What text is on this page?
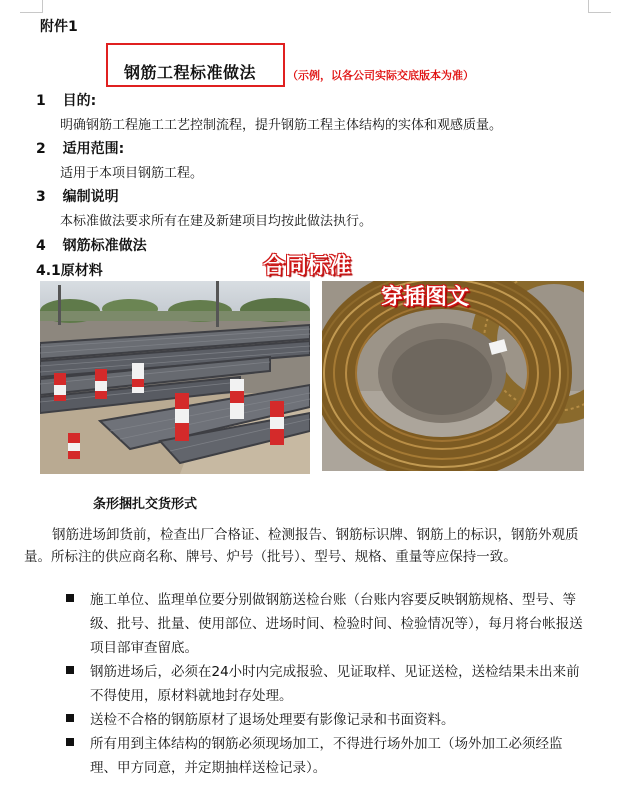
附件1
钢筋工程标准做法	（示例，以各公司实际交底版本为准）
1 目的:
明确钢筋工程施工工艺控制流程，提升钢筋工程主体结构的实体和观感质量。
2 适用范围:
适用于本项目钢筋工程。
3 编制说明
本标准做法要求所有在建及新建项目均按此做法执行。
4 钢筋标准做法
4.1原材料	合同标准
穿插图文
条形捆扎交货形式
钢筋进场卸货前，检查出厂合格证、检测报告、钢筋标识牌、钢筋上的标识，钢筋外观质量。所标注的供应商名称、牌号、炉号（批号）、型号、规格、重量等应保持一致。
施工单位、监理单位要分别做钢筋送检台账（台账内容要反映钢筋规格、型号、等级、批号、批量、使用部位、进场时间、检验时间、检验情况等），每月将台帐报送项目部审查留底。
钢筋进场后，必须在24小时内完成报验、见证取样、见证送检，送检结果未出来前不得使用，原材料就地封存处理。
送检不合格的钢筋原材了退场处理要有影像记录和书面资料。
所有用到主体结构的钢筋必须现场加工，不得进行场外加工（场外加工必须经监理、甲方同意，并定期抽样送检记录）。
